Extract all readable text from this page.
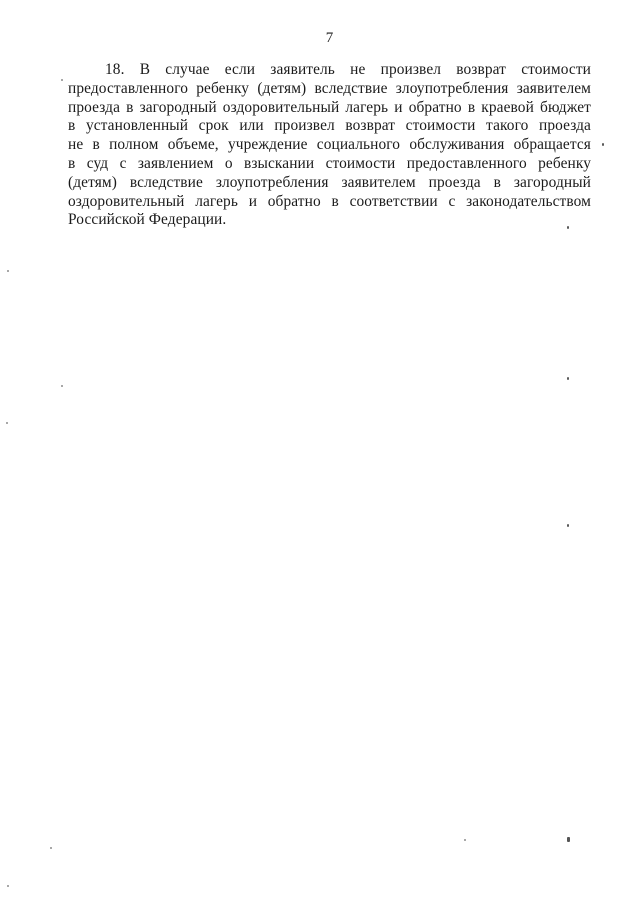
7
18. В случае если заявитель не произвел возврат стоимости
предоставленного ребенку (детям) вследствие злоупотребления заявителем
проезда в загородный оздоровительный лагерь и обратно в краевой бюджет
в установленный срок или произвел возврат стоимости такого проезда
не в полном объеме, учреждение социального обслуживания обращается
в суд с заявлением о взыскании стоимости предоставленного ребенку
(детям) вследствие злоупотребления заявителем проезда в загородный
оздоровительный лагерь и обратно в соответствии с законодательством
Российской Федерации.
